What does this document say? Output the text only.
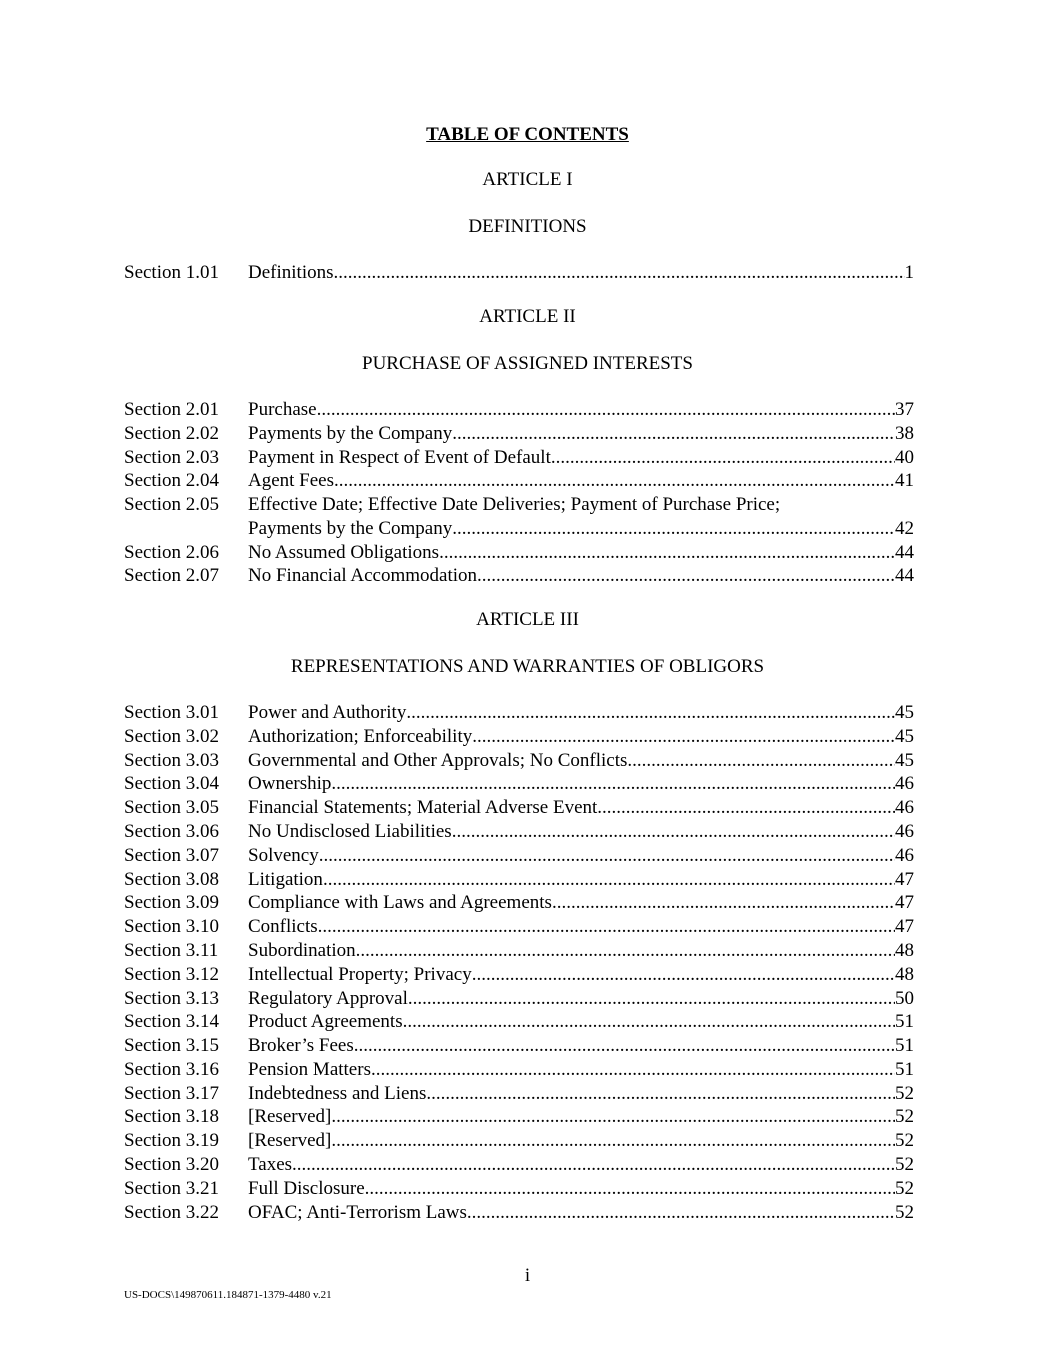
TABLE OF CONTENTS
ARTICLE I
DEFINITIONS
Section 1.01 Definitions .....	1
ARTICLE II
PURCHASE OF ASSIGNED INTERESTS
Section 2.01 Purchase .....	37
Section 2.02 Payments by the Company .....	38
Section 2.03 Payment in Respect of Event of Default .....	40
Section 2.04 Agent Fees .....	41
Section 2.05 Effective Date; Effective Date Deliveries; Payment of Purchase Price;
Payments by the Company .....	42
Section 2.06 No Assumed Obligations .....	44
Section 2.07 No Financial Accommodation .....	44
ARTICLE III
REPRESENTATIONS AND WARRANTIES OF OBLIGORS
Section 3.01 Power and Authority .....	45
Section 3.02 Authorization; Enforceability .....	45
Section 3.03 Governmental and Other Approvals; No Conflicts .....	45
Section 3.04 Ownership .....	46
Section 3.05 Financial Statements; Material Adverse Event .....	46
Section 3.06 No Undisclosed Liabilities .....	46
Section 3.07 Solvency .....	46
Section 3.08 Litigation .....	47
Section 3.09 Compliance with Laws and Agreements .....	47
Section 3.10 Conflicts .....	47
Section 3.11 Subordination .....	48
Section 3.12 Intellectual Property; Privacy .....	48
Section 3.13 Regulatory Approval .....	50
Section 3.14 Product Agreements .....	51
Section 3.15 Broker’s Fees .....	51
Section 3.16 Pension Matters .....	51
Section 3.17 Indebtedness and Liens .....	52
Section 3.18 [Reserved] .....	52
Section 3.19 [Reserved] .....	52
Section 3.20 Taxes .....	52
Section 3.21 Full Disclosure .....	52
Section 3.22 OFAC; Anti-Terrorism Laws .....	52
i
US-DOCS\149870611.184871-1379-4480 v.21
